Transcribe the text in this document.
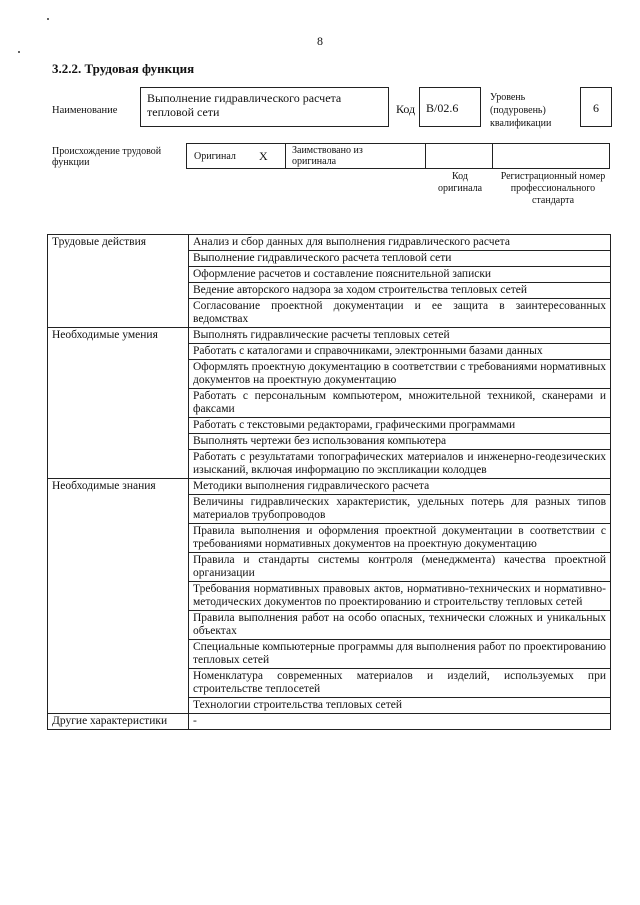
8
3.2.2. Трудовая функция
Наименование
Выполнение гидравлического расчета тепловой сети	Код В/02.6
Уровень (подуровень) квалификации
6
Происхождение трудовой функции
Оригинал X Заимствовано из оригинала
Код оригинала
Регистрационный номер профессионального стандарта
Трудовые действия	Анализ и сбор данных для выполнения гидравлического расчета
	Выполнение гидравлического расчета тепловой сети
	Оформление расчетов и составление пояснительной записки
	Ведение авторского надзора за ходом строительства тепловых сетей
	Согласование проектной документации и ее защита в заинтересованных ведомствах
Необходимые умения	Выполнять гидравлические расчеты тепловых сетей
	Работать с каталогами и справочниками, электронными базами данных
	Оформлять проектную документацию в соответствии с требованиями нормативных документов на проектную документацию
	Работать с персональным компьютером, множительной техникой, сканерами и факсами
	Работать с текстовыми редакторами, графическими программами
	Выполнять чертежи без использования компьютера
	Работать с результатами топографических материалов и инженерно-геодезических изысканий, включая информацию по экспликации колодцев
Необходимые знания	Методики выполнения гидравлического расчета
	Величины гидравлических характеристик, удельных потерь для разных типов материалов трубопроводов
	Правила выполнения и оформления проектной документации в соответствии с требованиями нормативных документов на проектную документацию
	Правила и стандарты системы контроля (менеджмента) качества проектной организации
	Требования нормативных правовых актов, нормативно-технических и нормативно-методических документов по проектированию и строительству тепловых сетей
	Правила выполнения работ на особо опасных, технически сложных и уникальных объектах
	Специальные компьютерные программы для выполнения работ по проектированию тепловых сетей
	Номенклатура современных материалов и изделий, используемых при строительстве теплосетей
	Технологии строительства тепловых сетей
Другие характеристики	-
